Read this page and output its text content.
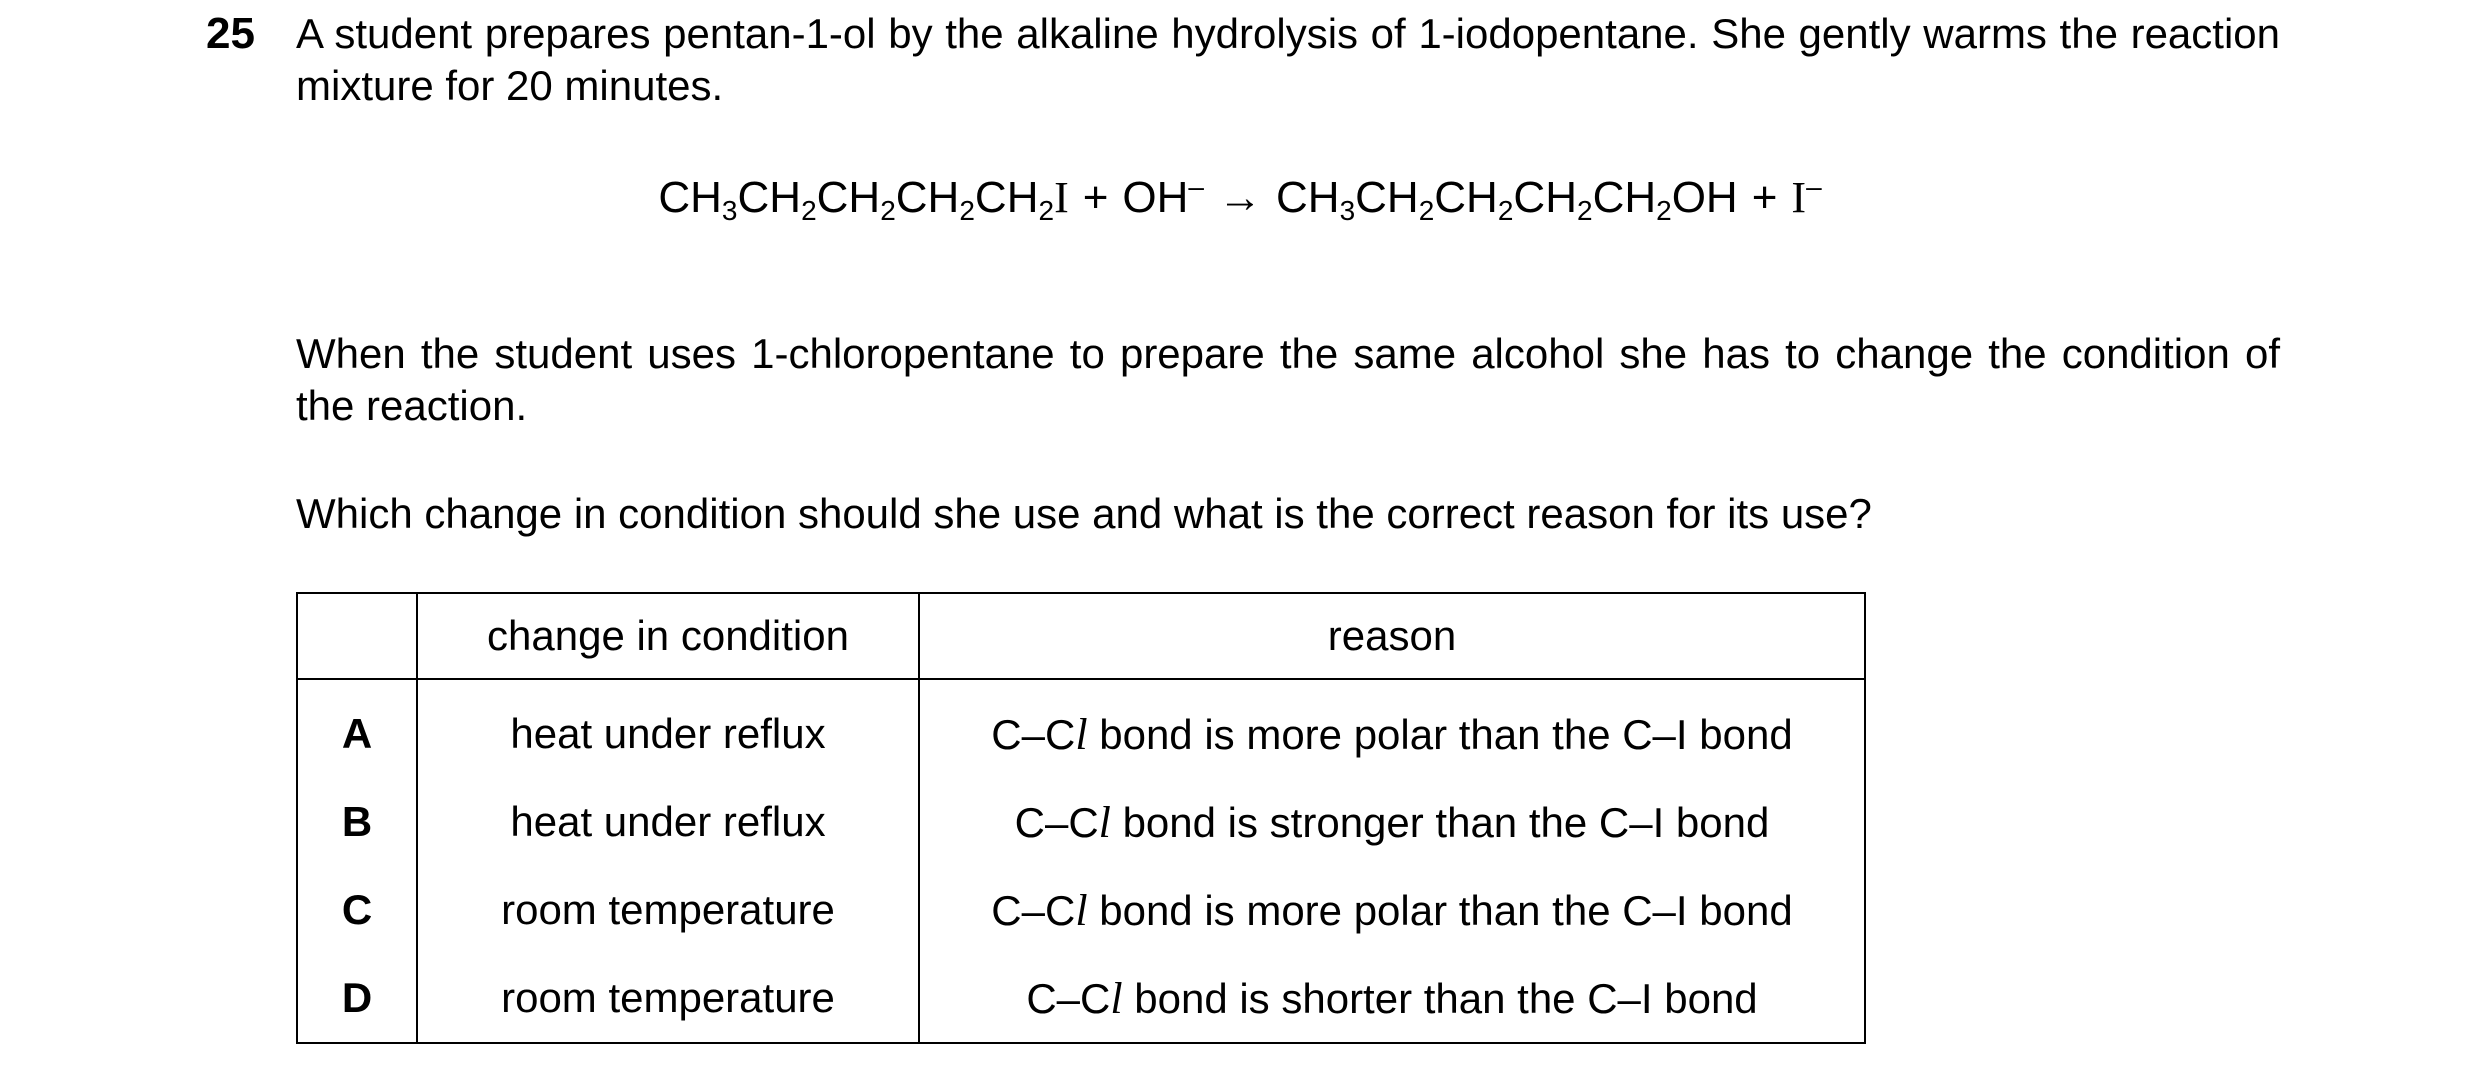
25 A student prepares pentan-1-ol by the alkaline hydrolysis of 1-iodopentane. She gently warms the reaction mixture for 20 minutes.

$CH_3CH_2CH_2CH_2CH_2I + OH^- \to CH_3CH_2CH_2CH_2CH_2OH + I^-$

When the student uses 1-chloropentane to prepare the same alcohol she has to change the condition of the reaction.

Which change in condition should she use and what is the correct reason for its use?

	change in condition	reason
A	heat under reflux	C–Cl bond is more polar than the C–I bond
B	heat under reflux	C–Cl bond is stronger than the C–I bond
C	room temperature	C–Cl bond is more polar than the C–I bond
D	room temperature	C–Cl bond is shorter than the C–I bond
